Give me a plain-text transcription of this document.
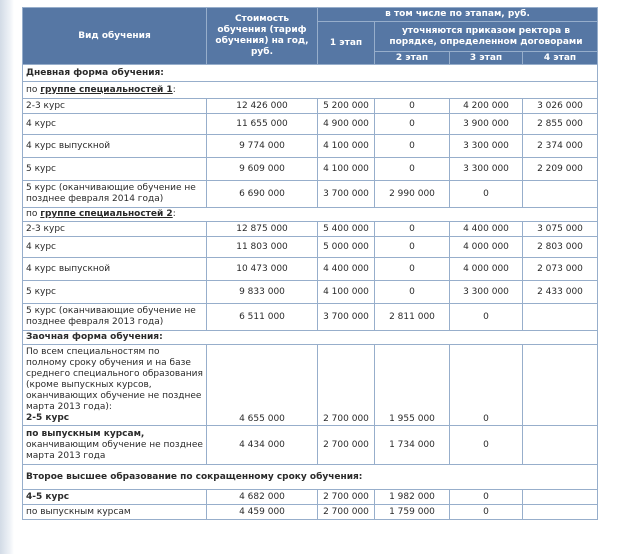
Вид обучения	Стоимость обучения (тариф обучения) на год, руб.	в том числе по этапам, руб.			
		1 этап	уточняются приказом ректора в порядке, определенном договорами		
			2 этап	3 этап	4 этап
Дневная форма обучения:					
по группе специальностей 1:					
2-3 курс	12 426 000	5 200 000	0	4 200 000	3 026 000
4 курс	11 655 000	4 900 000	0	3 900 000	2 855 000
4 курс выпускной	9 774 000	4 100 000	0	3 300 000	2 374 000
5 курс	9 609 000	4 100 000	0	3 300 000	2 209 000
5 курс (оканчивающие обучение не позднее февраля 2014 года)	6 690 000	3 700 000	2 990 000	0	
по группе специальностей 2:					
2-3 курс	12 875 000	5 400 000	0	4 400 000	3 075 000
4 курс	11 803 000	5 000 000	0	4 000 000	2 803 000
4 курс выпускной	10 473 000	4 400 000	0	4 000 000	2 073 000
5 курс	9 833 000	4 100 000	0	3 300 000	2 433 000
5 курс (оканчивающие обучение не позднее февраля 2013 года)	6 511 000	3 700 000	2 811 000	0	
Заочная форма обучения:					
По всем специальностям по полному сроку обучения и на базе среднего специального образования (кроме выпускных курсов, оканчивающих обучение не позднее марта 2013 года):
2-5 курс	4 655 000	2 700 000	1 955 000	0	
по выпускным курсам, оканчивающим обучение не позднее марта 2013 года	4 434 000	2 700 000	1 734 000	0	
Второе высшее образование по сокращенному сроку обучения:					
4-5 курс	4 682 000	2 700 000	1 982 000	0	
по выпускным курсам	4 459 000	2 700 000	1 759 000	0	
